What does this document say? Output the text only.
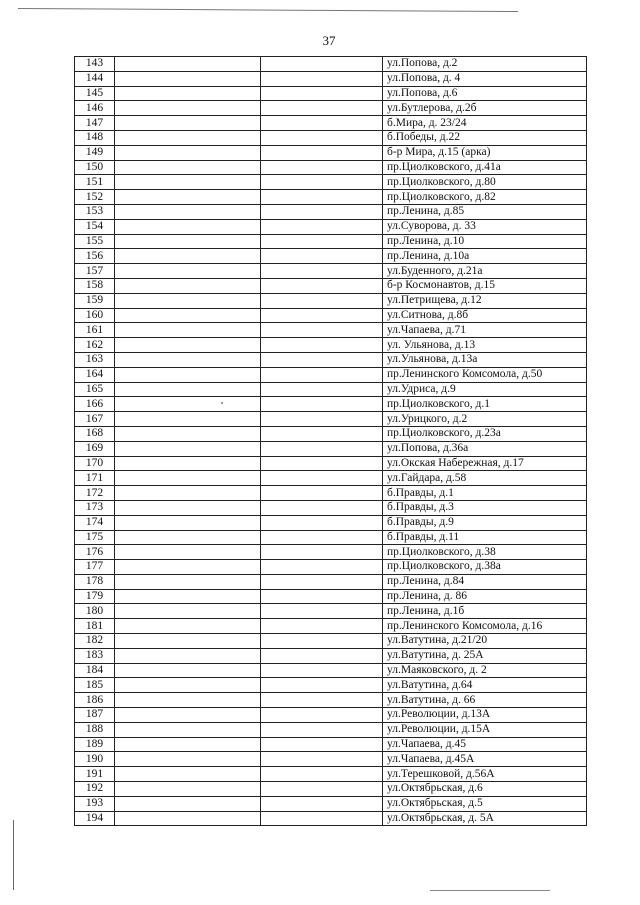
37
143			ул.Попова, д.2
144			ул.Попова, д. 4
145			ул.Попова, д.6
146			ул.Бутлерова, д.2б
147			б.Мира, д. 23/24
148			б.Победы, д.22
149			б-р Мира, д.15 (арка)
150			пр.Циолковского, д.41а
151			пр.Циолковского, д.80
152			пр.Циолковского, д.82
153			пр.Ленина, д.85
154			ул.Суворова, д. 33
155			пр.Ленина, д.10
156			пр.Ленина, д.10а
157			ул.Буденного, д.21а
158			б-р Космонавтов, д.15
159			ул.Петрищева, д.12
160			ул.Ситнова, д.8б
161			ул.Чапаева, д.71
162			ул. Ульянова, д.13
163			ул.Ульянова, д.13а
164			пр.Ленинского Комсомола, д.50
165			ул.Удриса, д.9
166			пр.Циолковского, д.1
167			ул.Урицкого, д.2
168			пр.Циолковского, д.23а
169			ул.Попова, д.36а
170			ул.Окская Набережная, д.17
171			ул.Гайдара, д.58
172			б.Правды, д.1
173			б.Правды, д.3
174			б.Правды, д.9
175			б.Правды, д.11
176			пр.Циолковского, д.38
177			пр.Циолковского, д.38а
178			пр.Ленина, д.84
179			пр.Ленина, д. 86
180			пр.Ленина, д.1б
181			пр.Ленинского Комсомола, д.16
182			ул.Ватутина, д.21/20
183			ул.Ватутина, д. 25А
184			ул.Маяковского, д. 2
185			ул.Ватутина, д.64
186			ул.Ватутина, д. 66
187			ул.Революции, д.13А
188			ул.Революции, д.15А
189			ул.Чапаева, д.45
190			ул.Чапаева, д.45А
191			ул.Терешковой, д.56А
192			ул.Октябрьская, д.6
193			ул.Октябрьская, д.5
194			ул.Октябрьская, д. 5А
